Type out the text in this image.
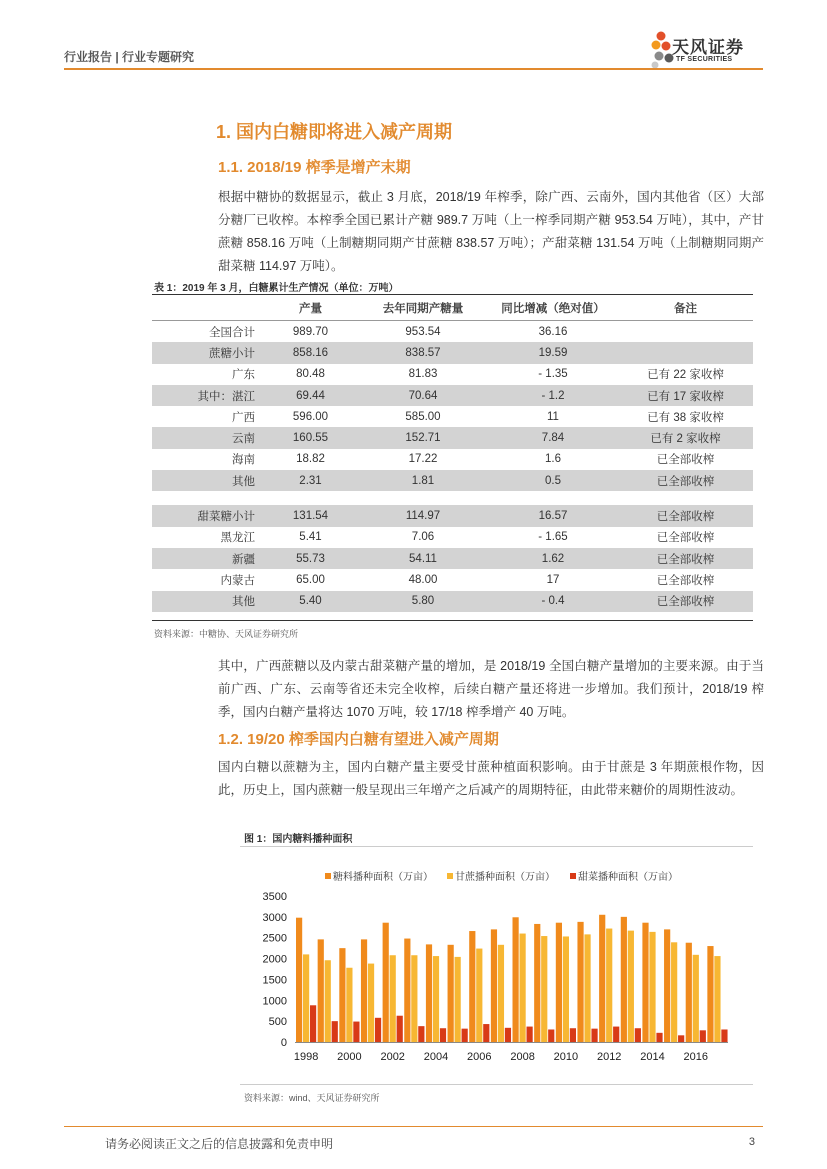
行业报告 | 行业专题研究	天风证券
TF SECURITIES
1. 国内白糖即将进入减产周期
1.1. 2018/19 榨季是增产末期
根据中糖协的数据显示，截止 3 月底，2018/19 年榨季，除广西、云南外，国内其他省（区）大部分糖厂已收榨。本榨季全国已累计产糖 989.7 万吨（上一榨季同期产糖 953.54 万吨），其中，产甘蔗糖 858.16 万吨（上制糖期同期产甘蔗糖 838.57 万吨）；产甜菜糖 131.54 万吨（上制糖期同期产甜菜糖 114.97 万吨）。
表 1：2019 年 3 月，白糖累计生产情况（单位：万吨）
	产量	去年同期产糖量	同比增减（绝对值）	备注
全国合计	989.70	953.54	36.16	
蔗糖小计	858.16	838.57	19.59	
广东	80.48	81.83	- 1.35	已有 22 家收榨
其中：湛江	69.44	70.64	- 1.2	已有 17 家收榨
广西	596.00	585.00	11	已有 38 家收榨
云南	160.55	152.71	7.84	已有 2 家收榨
海南	18.82	17.22	1.6	已全部收榨
其他	2.31	1.81	0.5	已全部收榨

甜菜糖小计	131.54	114.97	16.57	已全部收榨
黑龙江	5.41	7.06	- 1.65	已全部收榨
新疆	55.73	54.11	1.62	已全部收榨
内蒙古	65.00	48.00	17	已全部收榨
其他	5.40	5.80	- 0.4	已全部收榨
资料来源：中糖协、天风证券研究所
其中，广西蔗糖以及内蒙古甜菜糖产量的增加，是 2018/19 全国白糖产量增加的主要来源。由于当前广西、广东、云南等省还未完全收榨，后续白糖产量还将进一步增加。我们预计，2018/19 榨季，国内白糖产量将达 1070 万吨，较 17/18 榨季增产 40 万吨。
1.2. 19/20 榨季国内白糖有望进入减产周期
国内白糖以蔗糖为主，国内白糖产量主要受甘蔗种植面积影响。由于甘蔗是 3 年期蔗根作物，因此，历史上，国内蔗糖一般呈现出三年增产之后减产的周期特征，由此带来糖价的周期性波动。
图 1：国内糖料播种面积
糖料播种面积（万亩） 甘蔗播种面积（万亩） 甜菜播种面积（万亩）
0
500
1000
1500
2000
2500
3000
3500
1998 2000 2002 2004 2006 2008 2010 2012 2014 2016
资料来源：wind、天风证券研究所
请务必阅读正文之后的信息披露和免责申明	3
